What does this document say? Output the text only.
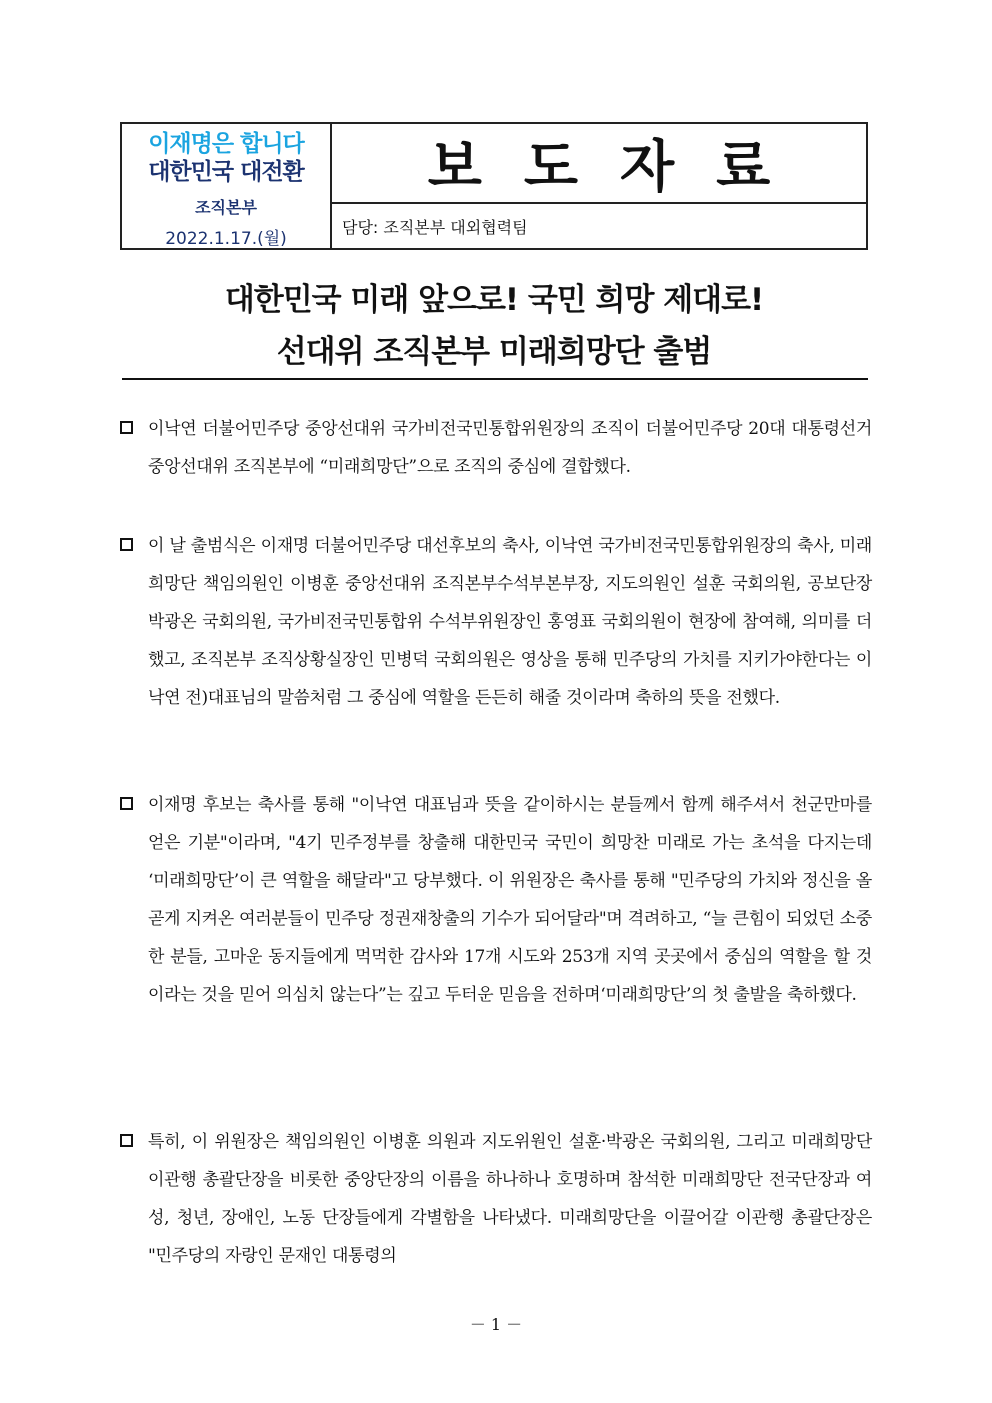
이재명은 합니다
대한민국 대전환
조직본부
2022.1.17.(월)
보도자료
담당: 조직본부 대외협력팀
대한민국 미래 앞으로! 국민 희망 제대로!
선대위 조직본부 미래희망단 출범
이낙연 더불어민주당 중앙선대위 국가비전국민통합위원장의 조직이 더불어민주당 20대 대통령선거 중앙선대위 조직본부에 “미래희망단”으로 조직의 중심에 결합했다.
이 날 출범식은 이재명 더불어민주당 대선후보의 축사, 이낙연 국가비전국민통합위원장의 축사, 미래희망단 책임의원인 이병훈 중앙선대위 조직본부수석부본부장, 지도의원인 설훈 국회의원, 공보단장 박광온 국회의원, 국가비전국민통합위 수석부위원장인 홍영표 국회의원이 현장에 참여해, 의미를 더했고, 조직본부 조직상황실장인 민병덕 국회의원은 영상을 통해 민주당의 가치를 지키가야한다는 이낙연 전)대표님의 말씀처럼 그 중심에 역할을 든든히 해줄 것이라며 축하의 뜻을 전했다.
이재명 후보는 축사를 통해 "이낙연 대표님과 뜻을 같이하시는 분들께서 함께 해주셔서 천군만마를 얻은 기분"이라며, "4기 민주정부를 창출해 대한민국 국민이 희망찬 미래로 가는 초석을 다지는데 ‘미래희망단’이 큰 역할을 해달라"고 당부했다. 이 위원장은 축사를 통해 "민주당의 가치와 정신을 올곧게 지켜온 여러분들이 민주당 정권재창출의 기수가 되어달라"며 격려하고, “늘 큰힘이 되었던 소중한 분들, 고마운 동지들에게 먹먹한 감사와 17개 시도와 253개 지역 곳곳에서 중심의 역할을 할 것이라는 것을 믿어 의심치 않는다”는 깊고 두터운 믿음을 전하며‘미래희망단’의 첫 출발을 축하했다.
특히, 이 위원장은 책임의원인 이병훈 의원과 지도위원인 설훈·박광온 국회의원, 그리고 미래희망단 이관행 총괄단장을 비롯한 중앙단장의 이름을 하나하나 호명하며 참석한 미래희망단 전국단장과 여성, 청년, 장애인, 노동 단장들에게 각별함을 나타냈다. 미래희망단을 이끌어갈 이관행 총괄단장은 "민주당의 자랑인 문재인 대통령의
－ 1 －
